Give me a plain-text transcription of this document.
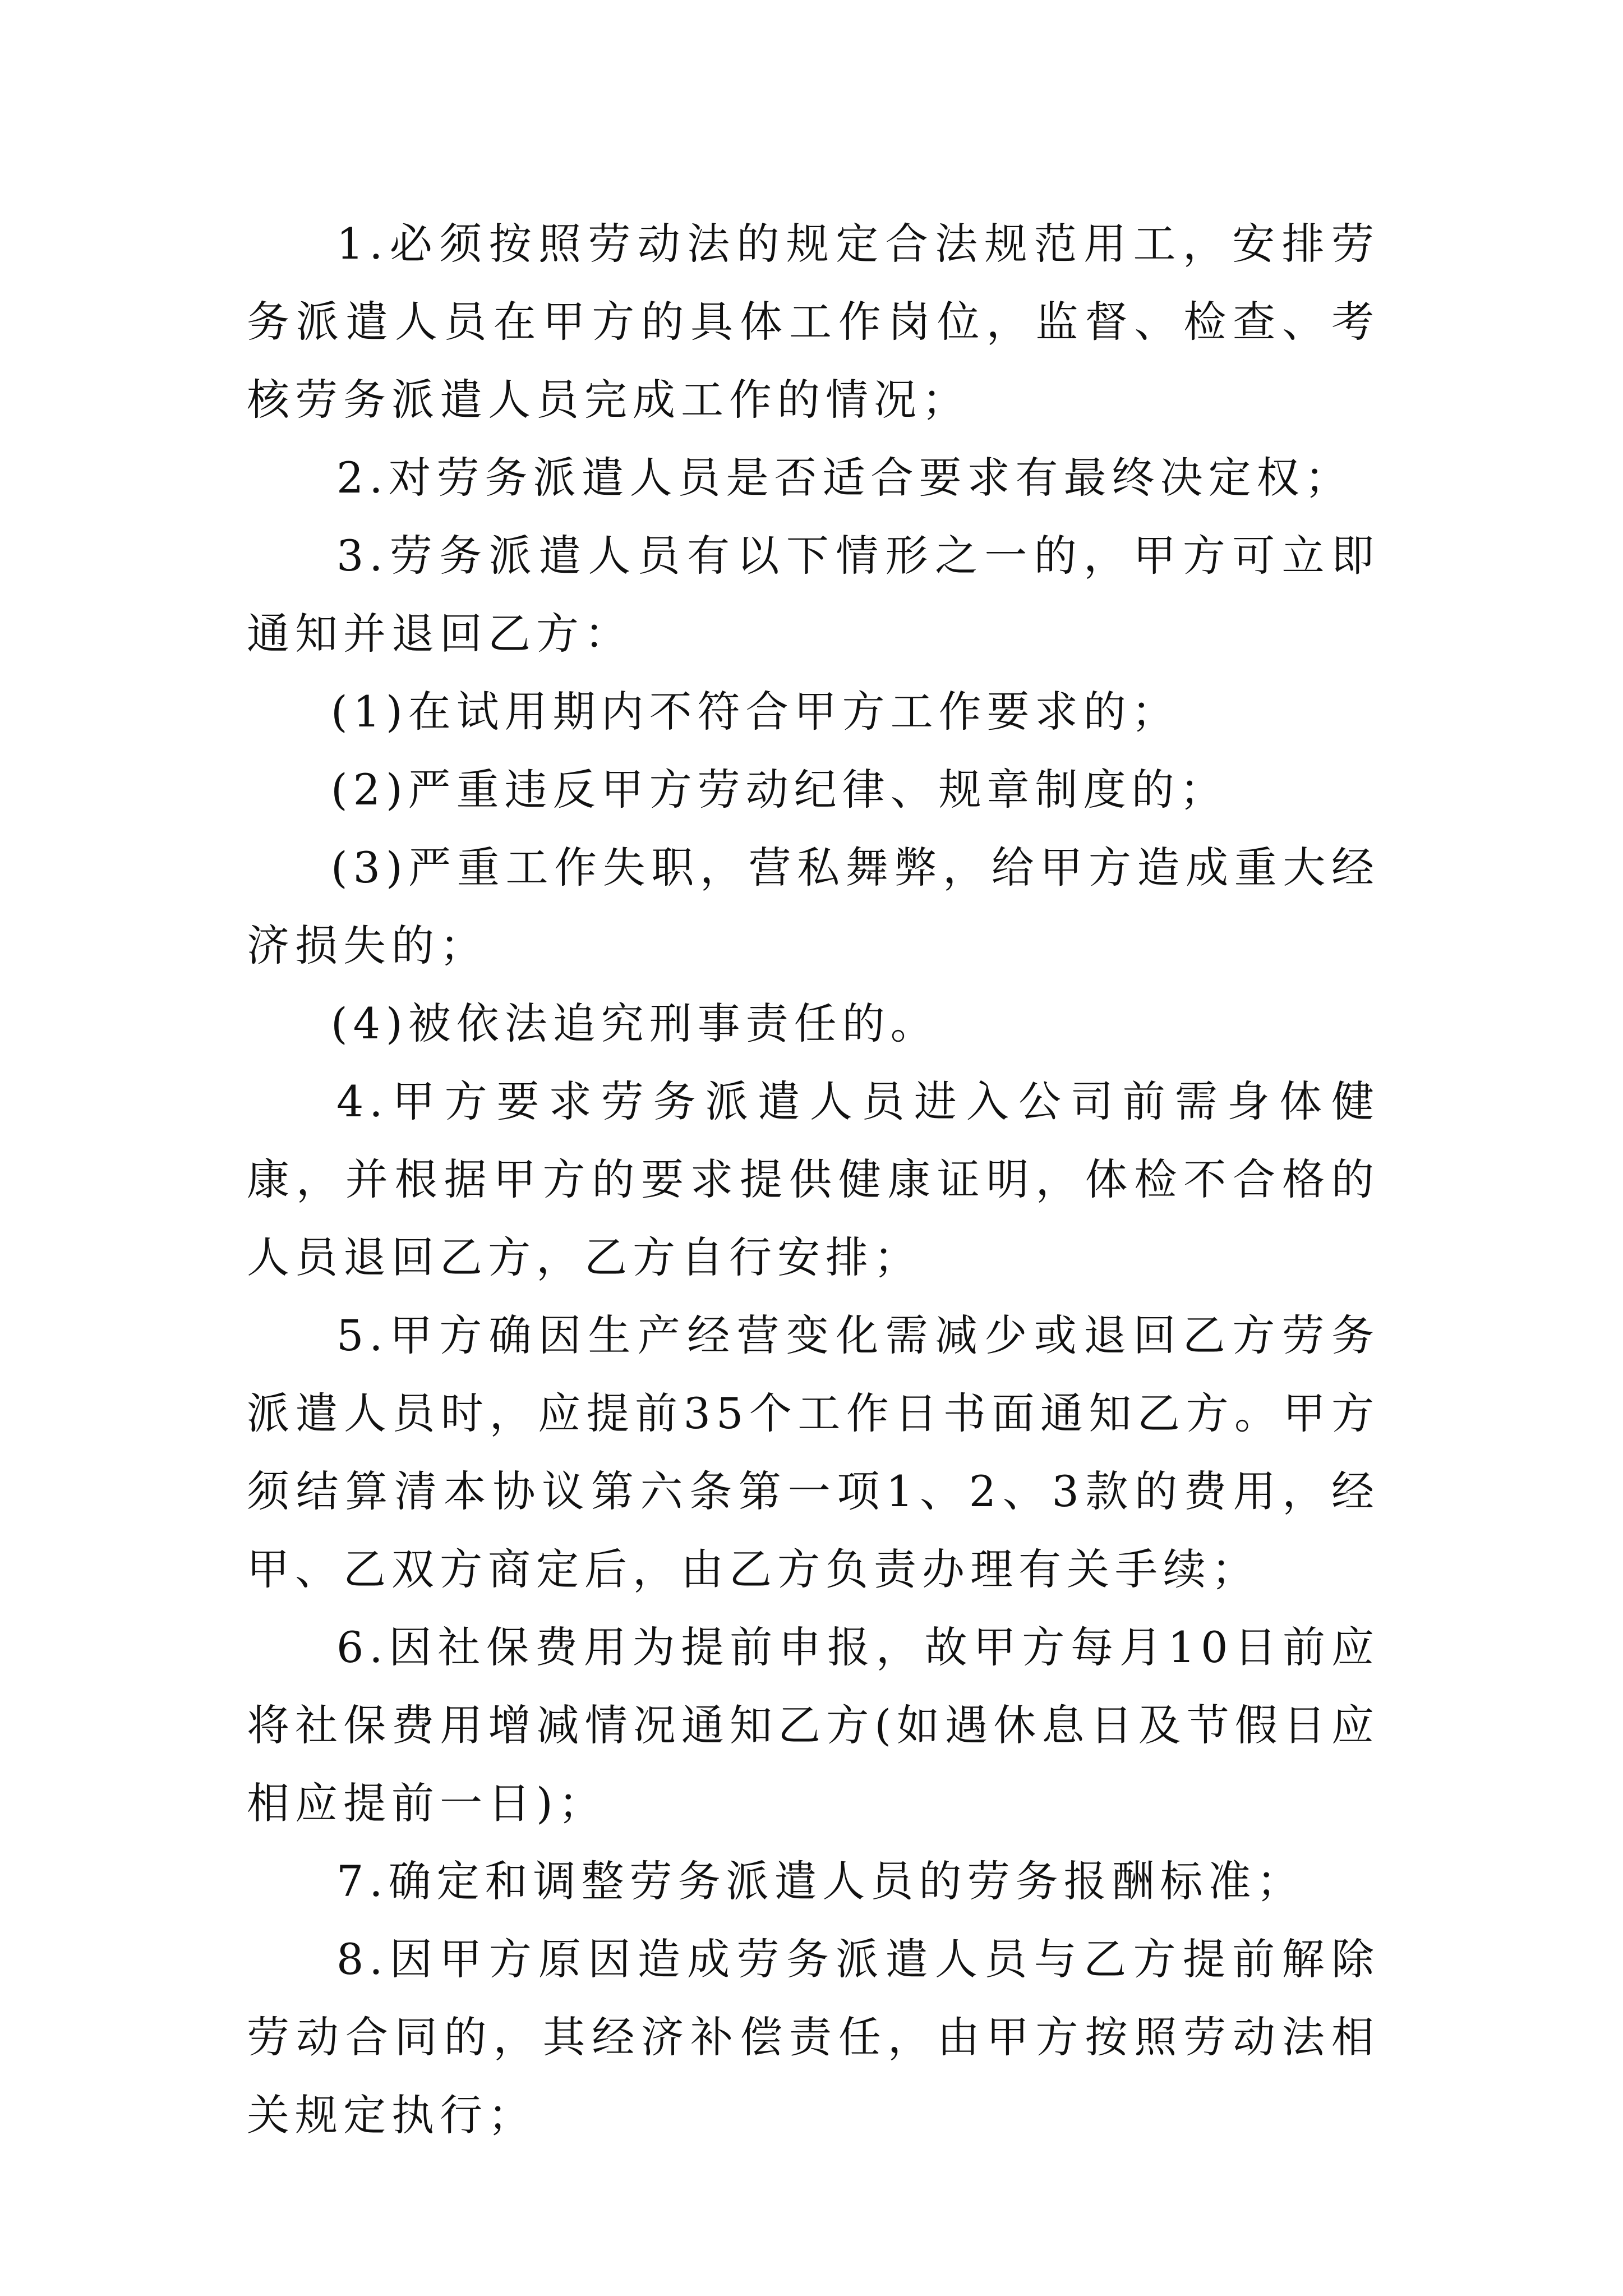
1.必须按照劳动法的规定合法规范用工，安排劳务派遣人员在甲方的具体工作岗位，监督、检查、考核劳务派遣人员完成工作的情况；

2.对劳务派遣人员是否适合要求有最终决定权；

3.劳务派遣人员有以下情形之一的，甲方可立即通知并退回乙方：

(1)在试用期内不符合甲方工作要求的；

(2)严重违反甲方劳动纪律、规章制度的；

(3)严重工作失职，营私舞弊，给甲方造成重大经济损失的；

(4)被依法追究刑事责任的。

4.甲方要求劳务派遣人员进入公司前需身体健康，并根据甲方的要求提供健康证明，体检不合格的人员退回乙方，乙方自行安排；

5.甲方确因生产经营变化需减少或退回乙方劳务派遣人员时，应提前35个工作日书面通知乙方。甲方须结算清本协议第六条第一项1、2、3款的费用，经甲、乙双方商定后，由乙方负责办理有关手续；

6.因社保费用为提前申报，故甲方每月10日前应将社保费用增减情况通知乙方(如遇休息日及节假日应相应提前一日)；

7.确定和调整劳务派遣人员的劳务报酬标准；

8.因甲方原因造成劳务派遣人员与乙方提前解除劳动合同的，其经济补偿责任，由甲方按照劳动法相关规定执行；
